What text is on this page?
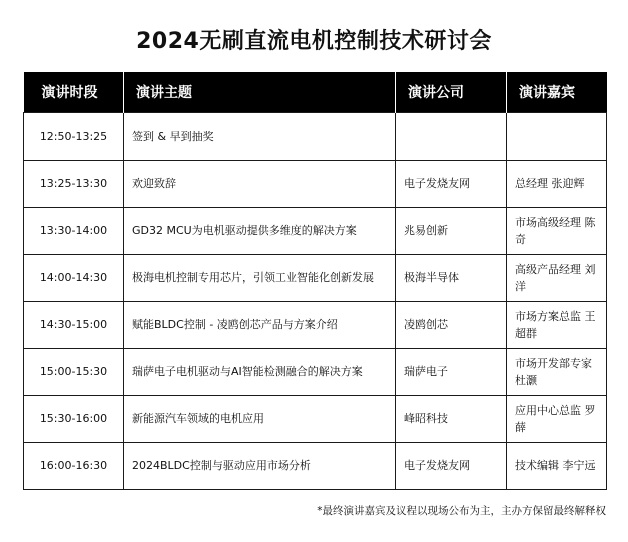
2024无刷直流电机控制技术研讨会
演讲时段	演讲主题	演讲公司	演讲嘉宾
12:50-13:25	签到 & 早到抽奖		
13:25-13:30	欢迎致辞	电子发烧友网	总经理 张迎辉
13:30-14:00	GD32 MCU为电机驱动提供多维度的解决方案	兆易创新	市场高级经理 陈奇
14:00-14:30	极海电机控制专用芯片，引领工业智能化创新发展	极海半导体	高级产品经理 刘洋
14:30-15:00	赋能BLDC控制 - 凌鸥创芯产品与方案介绍	凌鸥创芯	市场方案总监 王超群
15:00-15:30	瑞萨电子电机驱动与AI智能检测融合的解决方案	瑞萨电子	市场开发部专家 杜灏
15:30-16:00	新能源汽车领域的电机应用	峰昭科技	应用中心总监 罗薛
16:00-16:30	2024BLDC控制与驱动应用市场分析	电子发烧友网	技术编辑 李宁远
*最终演讲嘉宾及议程以现场公布为主，主办方保留最终解释权
